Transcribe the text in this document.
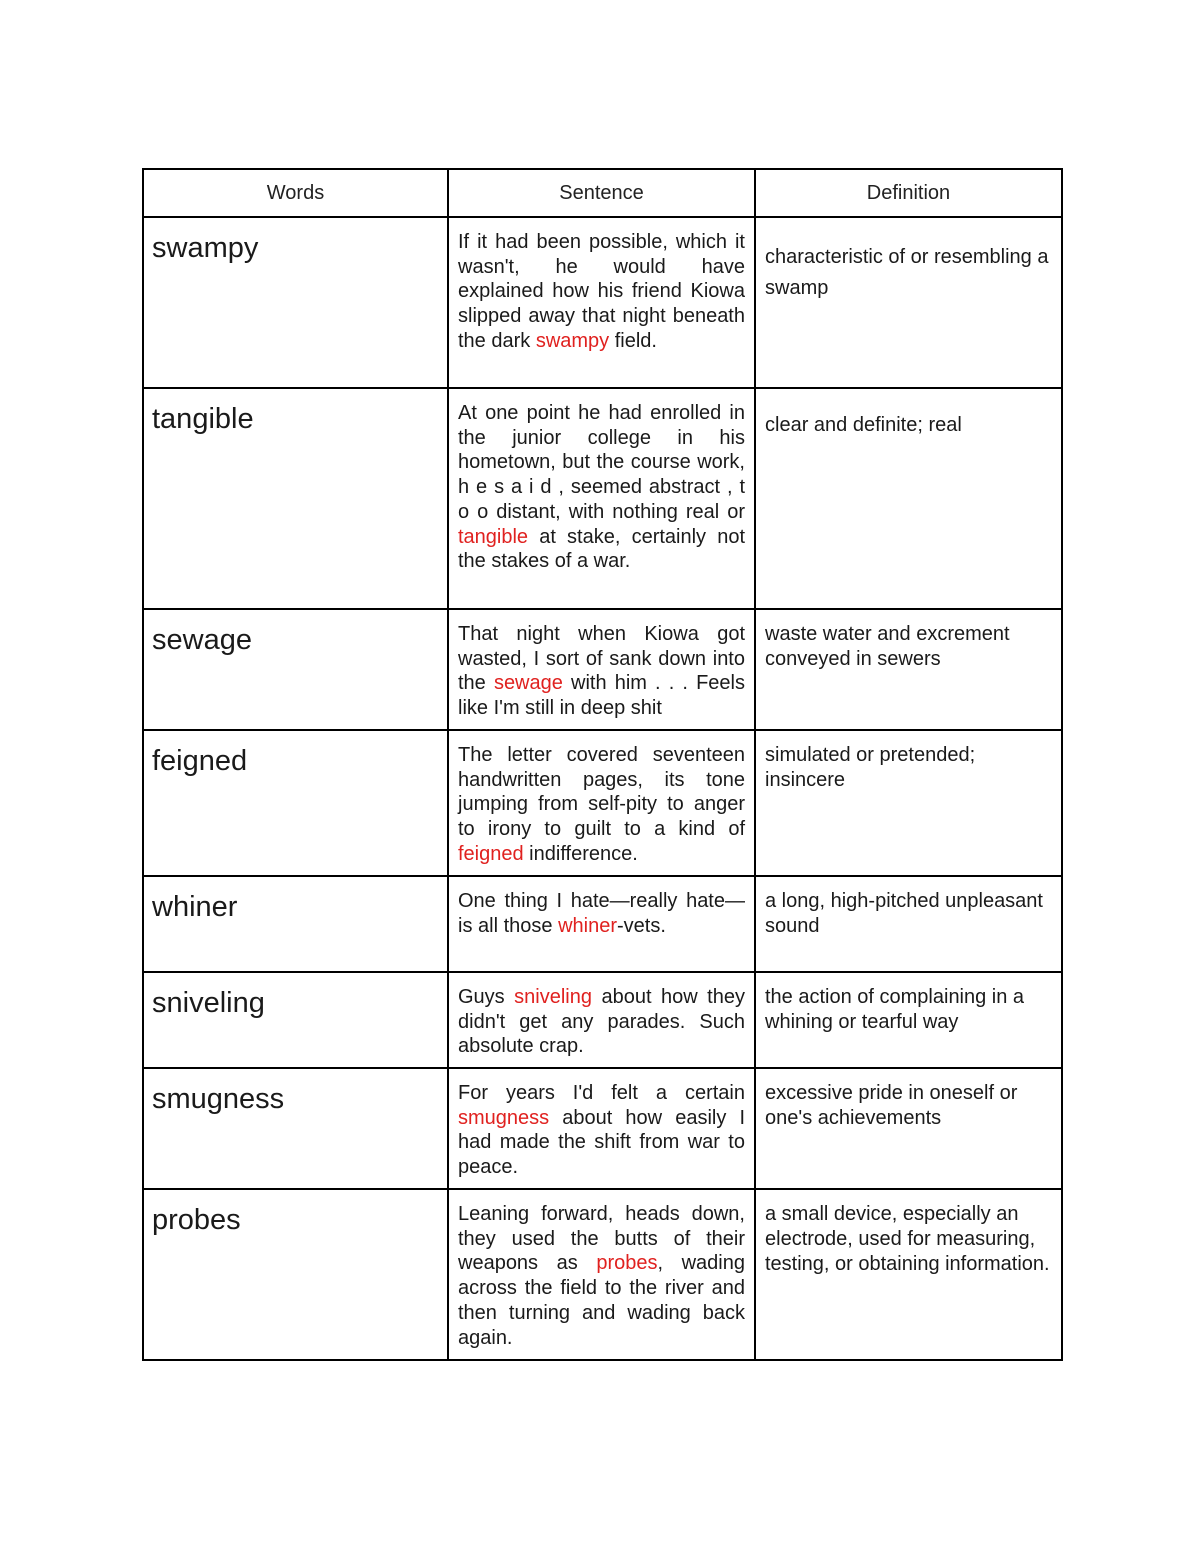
Words	Sentence	Definition
swampy	If it had been possible, which it wasn't, he would have explained how his friend Kiowa slipped away that night beneath the dark swampy field.	characteristic of or resembling a swamp
tangible	At one point he had enrolled in the junior college in his hometown, but the course work, h e s a i d , seemed abstract , t o o distant, with nothing real or tangible at stake, certainly not the stakes of a war.	clear and definite; real
sewage	That night when Kiowa got wasted, I sort of sank down into the sewage with him . . . Feels like I'm still in deep shit	waste water and excrement conveyed in sewers
feigned	The letter covered seventeen handwritten pages, its tone jumping from self-pity to anger to irony to guilt to a kind of feigned indifference.	simulated or pretended; insincere
whiner	One thing I hate—really hate— is all those whiner-vets.	a long, high-pitched unpleasant sound
sniveling	Guys sniveling about how they didn't get any parades. Such absolute crap.	the action of complaining in a whining or tearful way
smugness	For years I'd felt a certain smugness about how easily I had made the shift from war to peace.	excessive pride in oneself or one's achievements
probes	Leaning forward, heads down, they used the butts of their weapons as probes, wading across the field to the river and then turning and wading back again.	a small device, especially an electrode, used for measuring, testing, or obtaining information.
